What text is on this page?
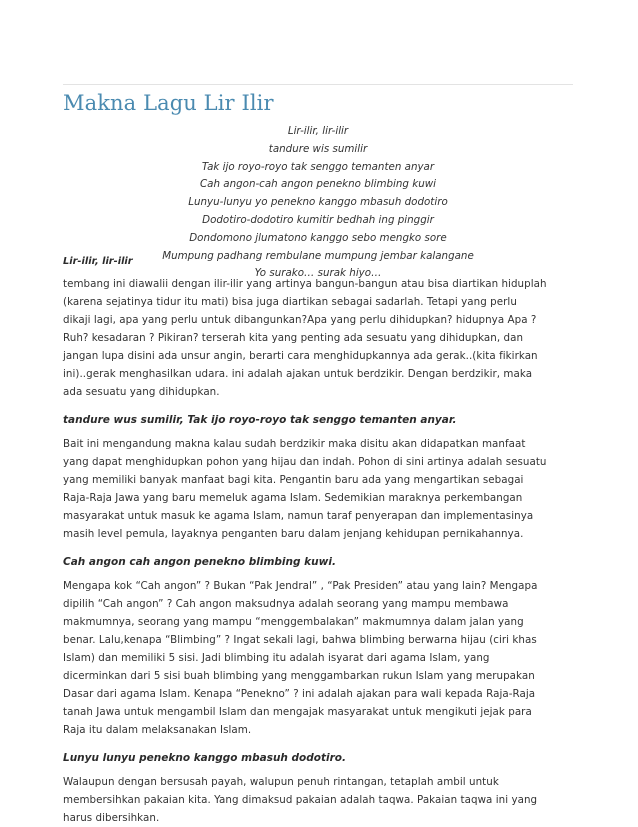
Makna Lagu Lir Ilir
Lir-ilir, lir-ilir
tandure wis sumilir
Tak ijo royo-royo tak senggo temanten anyar
Cah angon-cah angon penekno blimbing kuwi
Lunyu-lunyu yo penekno kanggo mbasuh dodotiro
Dodotiro-dodotiro kumitir bedhah ing pinggir
Dondomono jlumatono kanggo sebo mengko sore
Mumpung padhang rembulane mumpung jembar kalangane
Yo surako… surak hiyo…
Lir-ilir, lir-ilir

tembang ini diawalii dengan ilir-ilir yang artinya bangun-bangun atau bisa diartikan hiduplah
(karena sejatinya tidur itu mati) bisa juga diartikan sebagai sadarlah. Tetapi yang perlu
dikaji lagi, apa yang perlu untuk dibangunkan?Apa yang perlu dihidupkan? hidupnya Apa ?
Ruh? kesadaran ? Pikiran? terserah kita yang penting ada sesuatu yang dihidupkan, dan
jangan lupa disini ada unsur angin, berarti cara menghidupkannya ada gerak..(kita fikirkan
ini)..gerak menghasilkan udara. ini adalah ajakan untuk berdzikir. Dengan berdzikir, maka
ada sesuatu yang dihidupkan.

tandure wus sumilir, Tak ijo royo-royo tak senggo temanten anyar.

Bait ini mengandung makna kalau sudah berdzikir maka disitu akan didapatkan manfaat
yang dapat menghidupkan pohon yang hijau dan indah. Pohon di sini artinya adalah sesuatu
yang memiliki banyak manfaat bagi kita. Pengantin baru ada yang mengartikan sebagai
Raja-Raja Jawa yang baru memeluk agama Islam. Sedemikian maraknya perkembangan
masyarakat untuk masuk ke agama Islam, namun taraf penyerapan dan implementasinya
masih level pemula, layaknya penganten baru dalam jenjang kehidupan pernikahannya.

Cah angon cah angon penekno blimbing kuwi.

Mengapa kok “Cah angon” ? Bukan “Pak Jendral” , “Pak Presiden” atau yang lain? Mengapa
dipilih “Cah angon” ? Cah angon maksudnya adalah seorang yang mampu membawa
makmumnya, seorang yang mampu “menggembalakan” makmumnya dalam jalan yang
benar. Lalu,kenapa “Blimbing” ? Ingat sekali lagi, bahwa blimbing berwarna hijau (ciri khas
Islam) dan memiliki 5 sisi. Jadi blimbing itu adalah isyarat dari agama Islam, yang
dicerminkan dari 5 sisi buah blimbing yang menggambarkan rukun Islam yang merupakan
Dasar dari agama Islam. Kenapa “Penekno” ? ini adalah ajakan para wali kepada Raja-Raja
tanah Jawa untuk mengambil Islam dan mengajak masyarakat untuk mengikuti jejak para
Raja itu dalam melaksanakan Islam.

Lunyu lunyu penekno kanggo mbasuh dodotiro.

Walaupun dengan bersusah payah, walupun penuh rintangan, tetaplah ambil untuk
membersihkan pakaian kita. Yang dimaksud pakaian adalah taqwa. Pakaian taqwa ini yang
harus dibersihkan.
